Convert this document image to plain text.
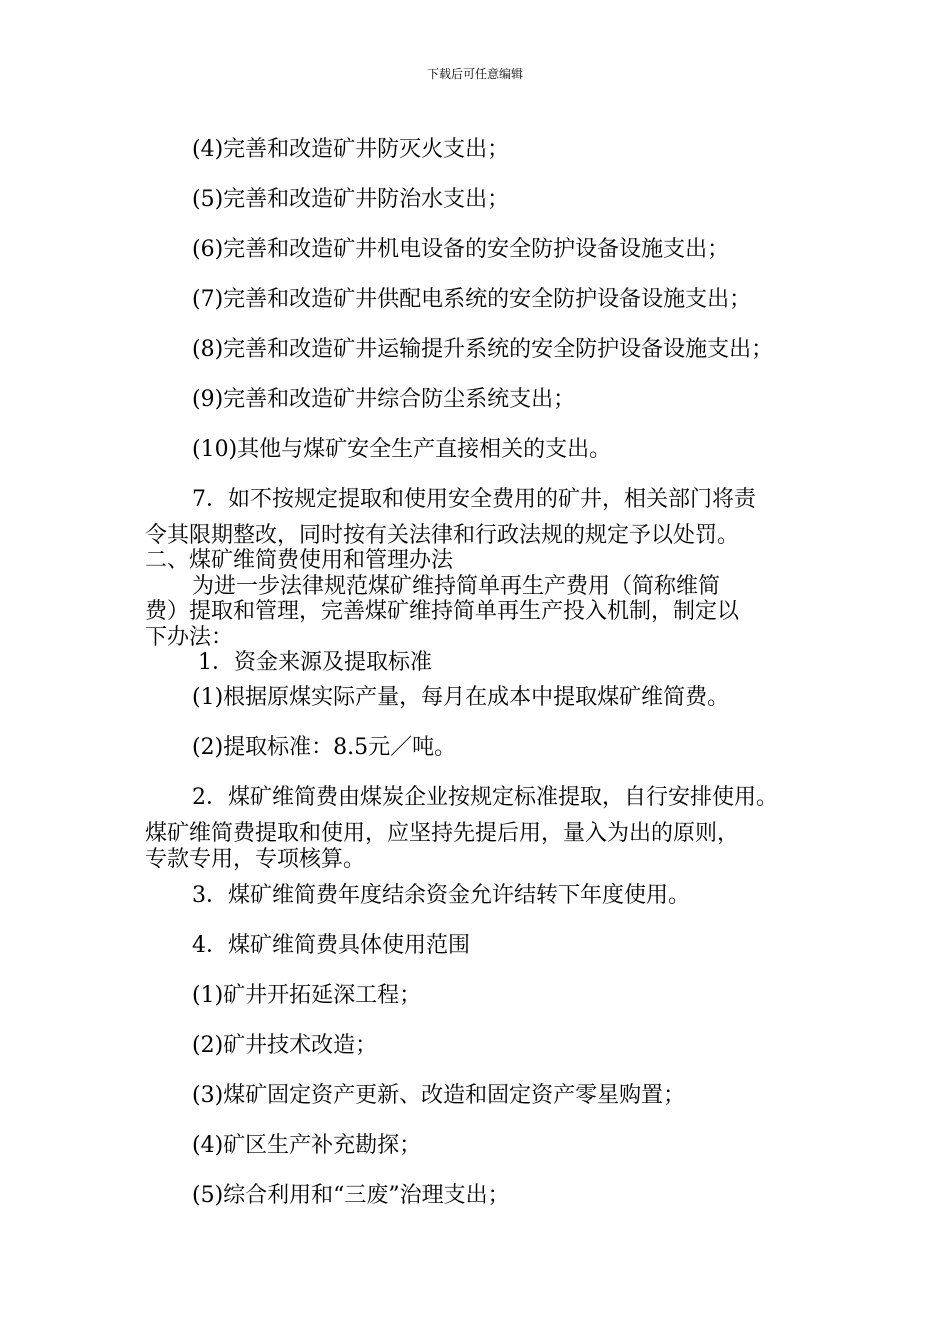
下载后可任意编辑
(4)完善和改造矿井防灭火支出；
(5)完善和改造矿井防治水支出；
(6)完善和改造矿井机电设备的安全防护设备设施支出；
(7)完善和改造矿井供配电系统的安全防护设备设施支出；
(8)完善和改造矿井运输提升系统的安全防护设备设施支出；
(9)完善和改造矿井综合防尘系统支出；
(10)其他与煤矿安全生产直接相关的支出。
7．如不按规定提取和使用安全费用的矿井，相关部门将责
令其限期整改，同时按有关法律和行政法规的规定予以处罚。
二、煤矿维简费使用和管理办法
为进一步法律规范煤矿维持简单再生产费用（简称维简
费）提取和管理，完善煤矿维持简单再生产投入机制，制定以
下办法：
1．资金来源及提取标准
(1)根据原煤实际产量，每月在成本中提取煤矿维简费。
(2)提取标准：8.5元／吨。
2．煤矿维简费由煤炭企业按规定标准提取，自行安排使用。
煤矿维简费提取和使用，应坚持先提后用，量入为出的原则，
专款专用，专项核算。
3．煤矿维简费年度结余资金允许结转下年度使用。
4．煤矿维简费具体使用范围
(1)矿井开拓延深工程；
(2)矿井技术改造；
(3)煤矿固定资产更新、改造和固定资产零星购置；
(4)矿区生产补充勘探；
(5)综合利用和“三废”治理支出；
